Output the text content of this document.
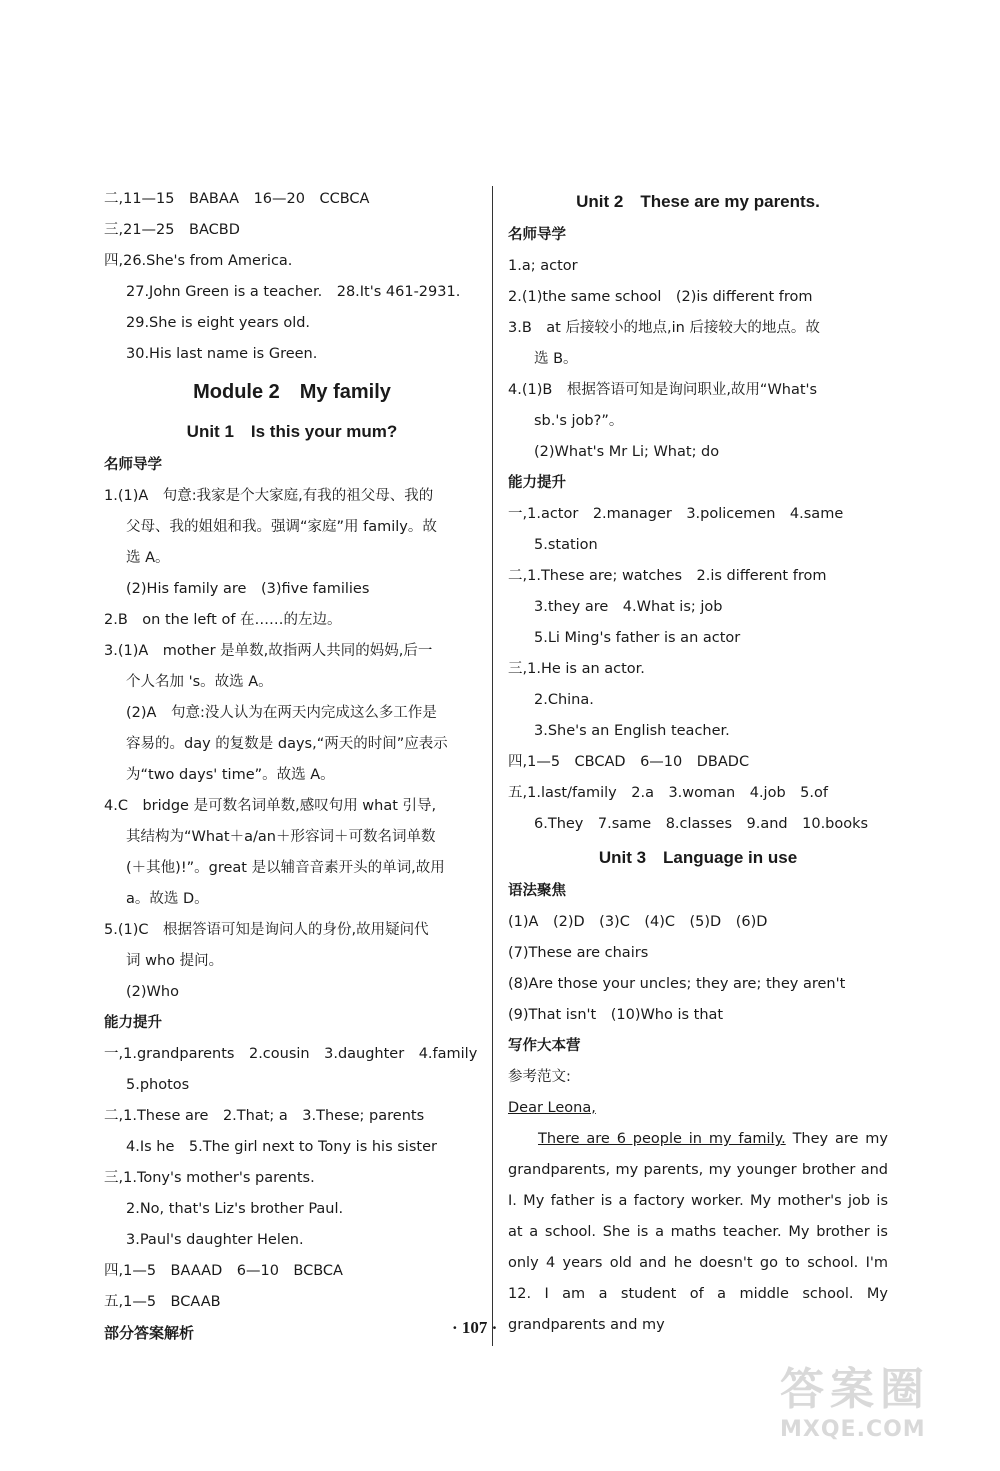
二,11—15　BABAA　16—20　CCBCA
三,21—25　BACBD
四,26.She's from America.
27.John Green is a teacher.　28.It's 461-2931.
29.She is eight years old.
30.His last name is Green.
Module 2　My family
Unit 1　Is this your mum?
名师导学
1.(1)A　句意:我家是个大家庭,有我的祖父母、我的
父母、我的姐姐和我。强调“家庭”用 family。故
选 A。
(2)His family are　(3)five families
2.B　on the left of 在……的左边。
3.(1)A　mother 是单数,故指两人共同的妈妈,后一
个人名加 's。故选 A。
(2)A　句意:没人认为在两天内完成这么多工作是
容易的。day 的复数是 days,“两天的时间”应表示
为“two days' time”。故选 A。
4.C　bridge 是可数名词单数,感叹句用 what 引导,
其结构为“What＋a/an＋形容词＋可数名词单数
(＋其他)!”。great 是以辅音音素开头的单词,故用
a。故选 D。
5.(1)C　根据答语可知是询问人的身份,故用疑问代
词 who 提问。
(2)Who
能力提升
一,1.grandparents　2.cousin　3.daughter　4.family
5.photos
二,1.These are　2.That; a　3.These; parents
4.Is he　5.The girl next to Tony is his sister
三,1.Tony's mother's parents.
2.No, that's Liz's brother Paul.
3.Paul's daughter Helen.
四,1—5　BAAAD　6—10　BCBCA
五,1—5　BCAAB
Unit 2　These are my parents.
名师导学
1.a; actor
2.(1)the same school　(2)is different from
3.B　at 后接较小的地点,in 后接较大的地点。故
选 B。
4.(1)B　根据答语可知是询问职业,故用“What's
sb.'s job?”。
(2)What's Mr Li; What; do
能力提升
一,1.actor　2.manager　3.policemen　4.same
5.station
二,1.These are; watches　2.is different from
3.they are　4.What is; job
5.Li Ming's father is an actor
三,1.He is an actor.
2.China.
3.She's an English teacher.
四,1—5　CBCAD　6—10　DBADC
五,1.last/family　2.a　3.woman　4.job　5.of
6.They　7.same　8.classes　9.and　10.books
Unit 3　Language in use
语法聚焦
(1)A　(2)D　(3)C　(4)C　(5)D　(6)D
(7)These are chairs
(8)Are those your uncles; they are; they aren't
(9)That isn't　(10)Who is that
写作大本营
参考范文:
Dear Leona,
There are 6 people in my family. They are my grandparents, my parents, my younger brother and I. My father is a factory worker. My mother's job is at a school. She is a maths teacher. My brother is only 4 years old and he doesn't go to school. I'm 12. I am a student of a middle school. My grandparents and my
部分答案解析	· 107 ·
答案圈
MXQE.COM
